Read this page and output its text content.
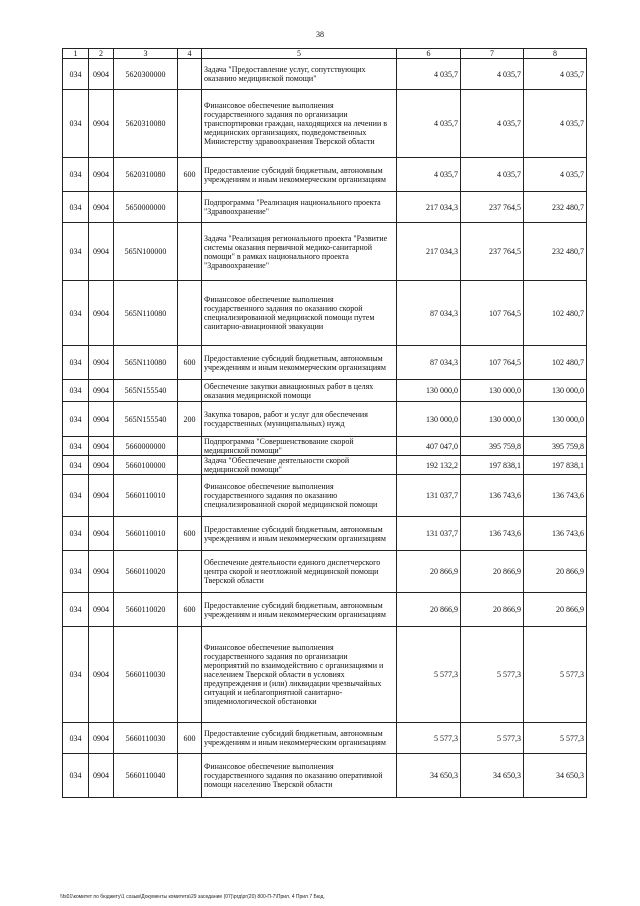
38
1	2	3	4	5	6	7	8
034	0904	5620300000		Задача "Предоставление услуг, сопутствующих оказанию медицинской помощи"	4 035,7	4 035,7	4 035,7
034	0904	5620310080		Финансовое обеспечение выполнения государственного задания по организации транспортировки граждан, находящихся на лечении в медицинских организациях, подведомственных Министерству здравоохранения Тверской области	4 035,7	4 035,7	4 035,7
034	0904	5620310080	600	Предоставление субсидий бюджетным, автономным учреждениям и иным некоммерческим организациям	4 035,7	4 035,7	4 035,7
034	0904	5650000000		Подпрограмма "Реализация национального проекта "Здравоохранение"	217 034,3	237 764,5	232 480,7
034	0904	565N100000		Задача "Реализация регионального проекта "Развитие системы оказания первичной медико-санитарной помощи" в рамках национального проекта "Здравоохранение"	217 034,3	237 764,5	232 480,7
034	0904	565N110080		Финансовое обеспечение выполнения государственного задания по оказанию скорой специализированной медицинской помощи путем санитарно-авиационной эвакуации	87 034,3	107 764,5	102 480,7
034	0904	565N110080	600	Предоставление субсидий бюджетным, автономным учреждениям и иным некоммерческим организациям	87 034,3	107 764,5	102 480,7
034	0904	565N155540		Обеспечение закупки авиационных работ в целях оказания медицинской помощи	130 000,0	130 000,0	130 000,0
034	0904	565N155540	200	Закупка товаров, работ и услуг для обеспечения государственных (муниципальных) нужд	130 000,0	130 000,0	130 000,0
034	0904	5660000000		Подпрограмма "Совершенствование скорой медицинской помощи"	407 047,0	395 759,8	395 759,8
034	0904	5660100000		Задача "Обеспечение деятельности скорой медицинской помощи"	192 132,2	197 838,1	197 838,1
034	0904	5660110010		Финансовое обеспечение выполнения государственного задания по оказанию специализированной скорой медицинской помощи	131 037,7	136 743,6	136 743,6
034	0904	5660110010	600	Предоставление субсидий бюджетным, автономным учреждениям и иным некоммерческим организациям	131 037,7	136 743,6	136 743,6
034	0904	5660110020		Обеспечение деятельности единого диспетчерского центра скорой и неотложной медицинской помощи Тверской области	20 866,9	20 866,9	20 866,9
034	0904	5660110020	600	Предоставление субсидий бюджетным, автономным учреждениям и иным некоммерческим организациям	20 866,9	20 866,9	20 866,9
034	0904	5660110030		Финансовое обеспечение выполнения государственного задания по организации мероприятий по взаимодействию с организациями и населением Тверской области в условиях предупреждения и (или) ликвидации чрезвычайных ситуаций и неблагоприятной санитарно-эпидемиологической обстановки	5 577,3	5 577,3	5 577,3
034	0904	5660110030	600	Предоставление субсидий бюджетным, автономным учреждениям и иным некоммерческим организациям	5 577,3	5 577,3	5 577,3
034	0904	5660110040		Финансовое обеспечение выполнения государственного задания по оказанию оперативной помощи населению Тверской области	34 650,3	34 650,3	34 650,3
\\fs01\комитет по бюджету\1 созыв\Документы комитета\29 заседание (07)\ргд\рг(20) 800-П-7\Прил. 4 Прил 7 Бюд.
